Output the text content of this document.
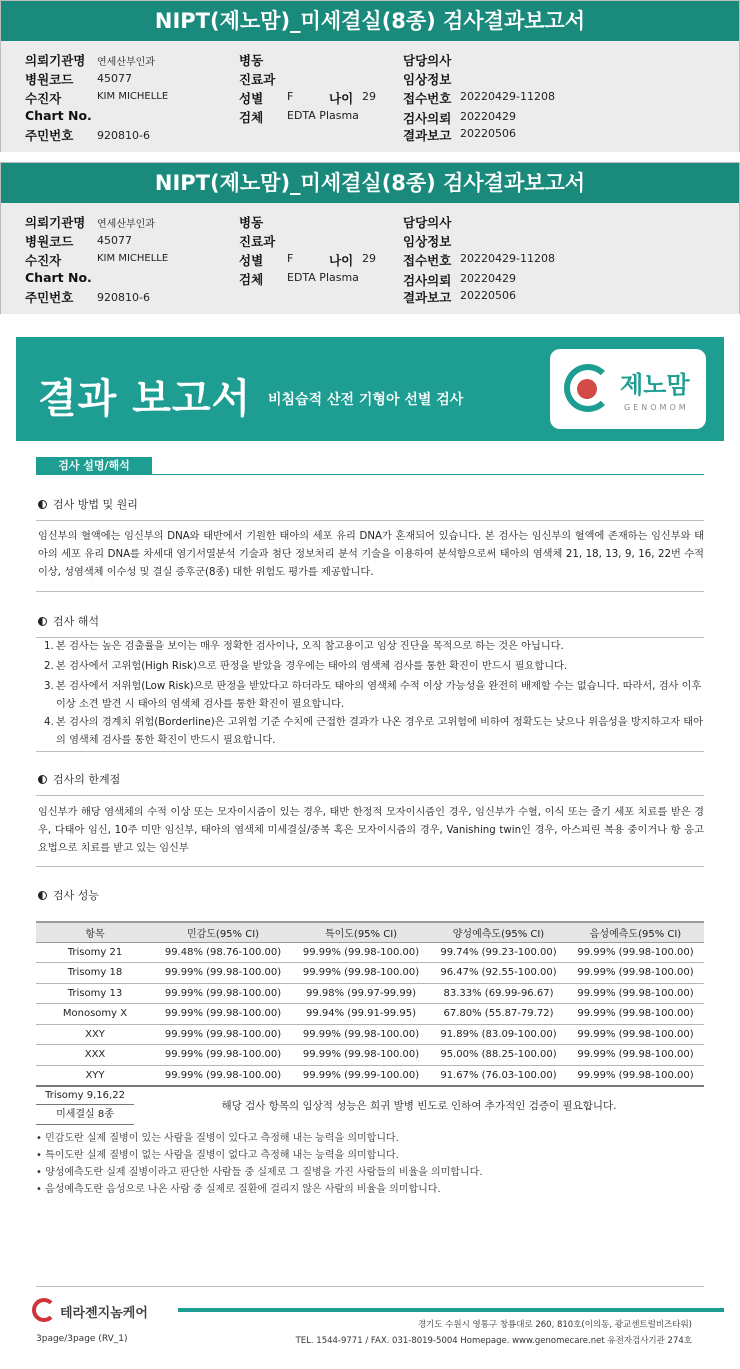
NIPT(제노맘)_미세결실(8종) 검사결과보고서
의뢰기관명 연세산부인과
병원코드 45077
수진자	KIM MICHELLE
Chart No.
주민번호 920810-6
병동
진료과
성별 F	나이 29
검체 EDTA Plasma
담당의사
임상정보
접수번호 20220429-11208
검사의뢰 20220429
결과보고 20220506
NIPT(제노맘)_미세결실(8종) 검사결과보고서
의뢰기관명 연세산부인과
병원코드 45077
수진자	KIM MICHELLE
Chart No.
주민번호 920810-6
병동
진료과
성별 F	나이 29
검체 EDTA Plasma
담당의사
임상정보
접수번호 20220429-11208
검사의뢰 20220429
결과보고 20220506
결과 보고서 비침습적 산전 기형아 선별 검사
제노맘
GENOMOM
검사 설명/해석
검사 방법 및 원리
임신부의 혈액에는 임신부의 DNA와 태반에서 기원한 태아의 세포 유리 DNA가 혼재되어 있습니다. 본 검사는 임신부의 혈액에 존재하는 임신부와 태아의 세포 유리 DNA를 차세대 염기서열분석 기술과 첨단 정보처리 분석 기술을 이용하여 분석함으로써 태아의 염색체 21, 18, 13, 9, 16, 22번 수적 이상, 성염색체 이수성 및 결실 증후군(8종) 대한 위험도 평가를 제공합니다.
검사 해석
1. 본 검사는 높은 검출률을 보이는 매우 정확한 검사이나, 오직 참고용이고 임상 진단을 목적으로 하는 것은 아닙니다.
2. 본 검사에서 고위험(High Risk)으로 판정을 받았을 경우에는 태아의 염색체 검사를 통한 확진이 반드시 필요합니다.
3. 본 검사에서 저위험(Low Risk)으로 판정을 받았다고 하더라도 태아의 염색체 수적 이상 가능성을 완전히 배제할 수는 없습니다. 따라서, 검사 이후 이상 소견 발견 시 태아의 염색체 검사를 통한 확진이 필요합니다.
4. 본 검사의 경계치 위험(Borderline)은 고위험 기준 수치에 근접한 결과가 나온 경우로 고위험에 비하여 정확도는 낮으나 위음성을 방지하고자 태아의 염색체 검사를 통한 확진이 반드시 필요합니다.
검사의 한계점
임신부가 해당 염색체의 수적 이상 또는 모자이시즘이 있는 경우, 태반 한정적 모자이시즘인 경우, 임신부가 수혈, 이식 또는 줄기 세포 치료를 받은 경우, 다태아 임신, 10주 미만 임신부, 태아의 염색체 미세결실/중복 혹은 모자이시즘의 경우, Vanishing twin인 경우, 아스피린 복용 중이거나 항 응고 요법으로 치료를 받고 있는 임신부
검사 성능
항목	민감도(95% CI)	특이도(95% CI)	양성예측도(95% CI)	음성예측도(95% CI)
Trisomy 21	99.48% (98.76-100.00)	99.99% (99.98-100.00)	99.74% (99.23-100.00)	99.99% (99.98-100.00)
Trisomy 18	99.99% (99.98-100.00)	99.99% (99.98-100.00)	96.47% (92.55-100.00)	99.99% (99.98-100.00)
Trisomy 13	99.99% (99.98-100.00)	99.98% (99.97-99.99)	83.33% (69.99-96.67)	99.99% (99.98-100.00)
Monosomy X	99.99% (99.98-100.00)	99.94% (99.91-99.95)	67.80% (55.87-79.72)	99.99% (99.98-100.00)
XXY	99.99% (99.98-100.00)	99.99% (99.98-100.00)	91.89% (83.09-100.00)	99.99% (99.98-100.00)
XXX	99.99% (99.98-100.00)	99.99% (99.98-100.00)	95.00% (88.25-100.00)	99.99% (99.98-100.00)
XYY	99.99% (99.98-100.00)	99.99% (99.99-100.00)	91.67% (76.03-100.00)	99.99% (99.98-100.00)
Trisomy 9,16,22
미세결실 8종
해당 검사 항목의 임상적 성능은 희귀 발병 빈도로 인하여 추가적인 검증이 필요합니다.
• 민감도란 실제 질병이 있는 사람을 질병이 있다고 측정해 내는 능력을 의미합니다.
• 특이도란 실제 질병이 없는 사람을 질병이 없다고 측정해 내는 능력을 의미합니다.
• 양성예측도란 실제 질병이라고 판단한 사람들 중 실제로 그 질병을 가진 사람들의 비율을 의미합니다.
• 음성예측도란 음성으로 나온 사람 중 실제로 질환에 걸리지 않은 사람의 비율을 의미합니다.
테라젠지놈케어
경기도 수원시 영통구 창룡대로 260, 810호(이의동, 광교센트럴비즈타워)
TEL. 1544-9771 / FAX. 031-8019-5004 Homepage. www.genomecare.net 유전자검사기관 274호
3page/3page (RV_1)
